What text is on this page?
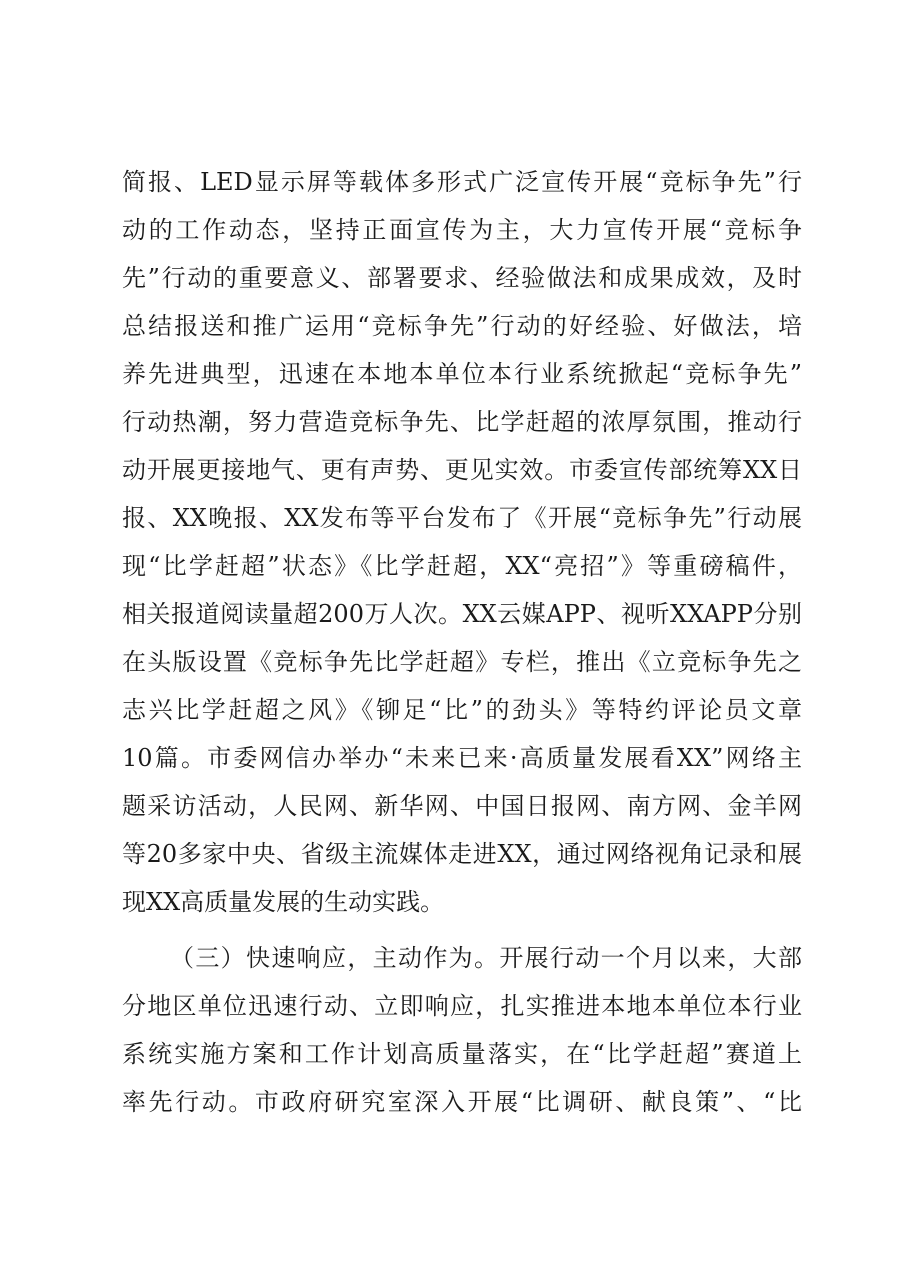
简报、LED显示屏等载体多形式广泛宣传开展“竞标争先”行
动的工作动态，坚持正面宣传为主，大力宣传开展“竞标争
先”行动的重要意义、部署要求、经验做法和成果成效，及时
总结报送和推广运用“竞标争先”行动的好经验、好做法，培
养先进典型，迅速在本地本单位本行业系统掀起“竞标争先”
行动热潮，努力营造竞标争先、比学赶超的浓厚氛围，推动行
动开展更接地气、更有声势、更见实效。市委宣传部统筹XX日
报、XX晚报、XX发布等平台发布了《开展“竞标争先”行动展
现“比学赶超”状态》《比学赶超，XX“亮招”》等重磅稿件，
相关报道阅读量超200万人次。XX云媒APP、视听XXAPP分别
在头版设置《竞标争先比学赶超》专栏，推出《立竞标争先之
志兴比学赶超之风》《铆足“比”的劲头》等特约评论员文章
10篇。市委网信办举办“未来已来·高质量发展看XX”网络主
题采访活动，人民网、新华网、中国日报网、南方网、金羊网
等20多家中央、省级主流媒体走进XX，通过网络视角记录和展
现XX高质量发展的生动实践。
（三）快速响应，主动作为。开展行动一个月以来，大部
分地区单位迅速行动、立即响应，扎实推进本地本单位本行业
系统实施方案和工作计划高质量落实，在“比学赶超”赛道上
率先行动。市政府研究室深入开展“比调研、献良策”、“比
